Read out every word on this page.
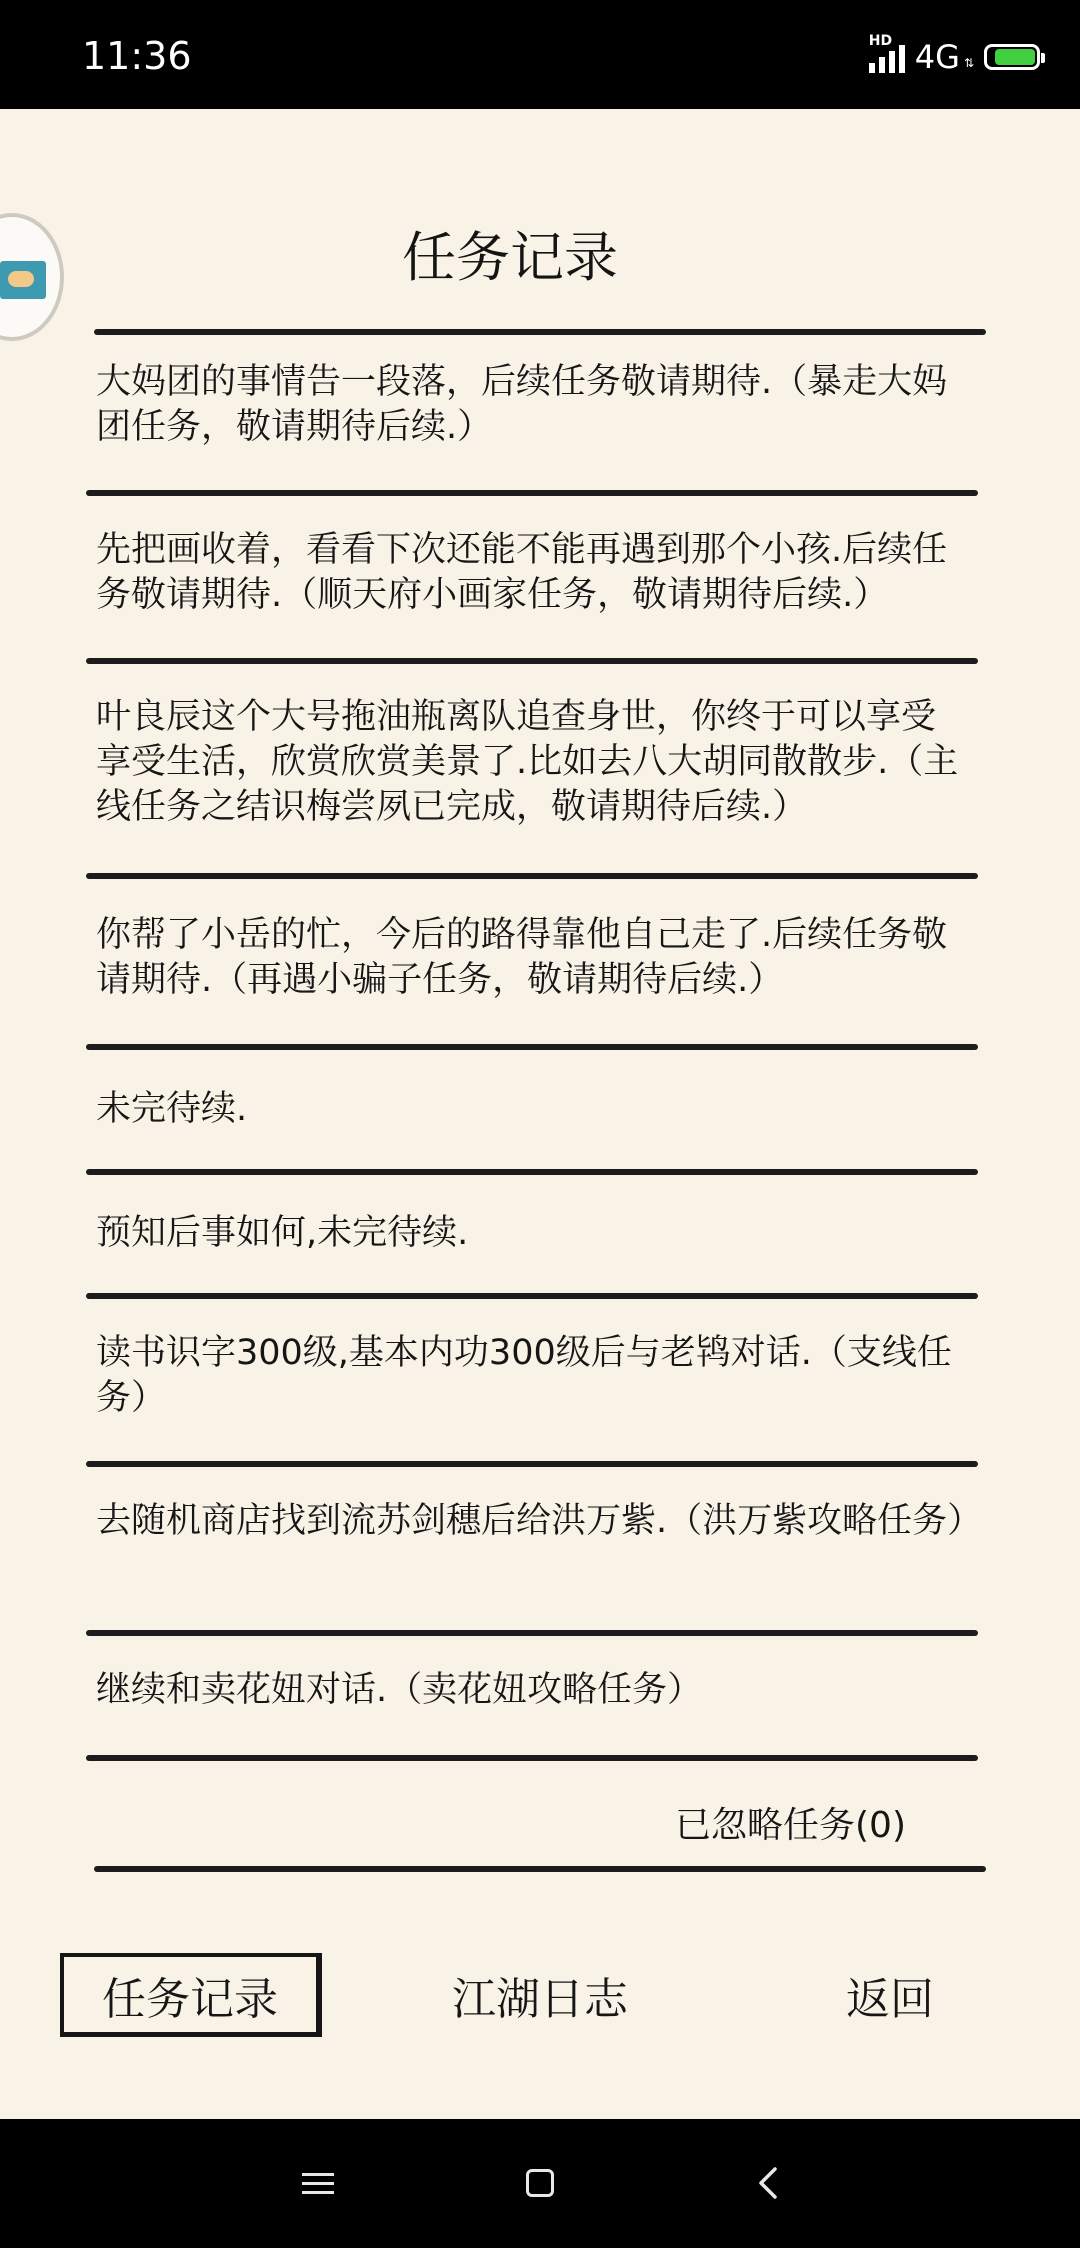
11:36	HD 4G ⇅
任务记录
大妈团的事情告一段落，后续任务敬请期待.（暴走大妈团任务，敬请期待后续.）
先把画收着，看看下次还能不能再遇到那个小孩.后续任务敬请期待.（顺天府小画家任务，敬请期待后续.）
叶良辰这个大号拖油瓶离队追查身世，你终于可以享受享受生活，欣赏欣赏美景了.比如去八大胡同散散步.（主线任务之结识梅尝夙已完成，敬请期待后续.）
你帮了小岳的忙，今后的路得靠他自己走了.后续任务敬请期待.（再遇小骗子任务，敬请期待后续.）
未完待续.
预知后事如何,未完待续.
读书识字300级,基本内功300级后与老鸨对话.（支线任务）
去随机商店找到流苏剑穗后给洪万紫.（洪万紫攻略任务）
继续和卖花妞对话.（卖花妞攻略任务）
已忽略任务(0)
任务记录	江湖日志	返回
